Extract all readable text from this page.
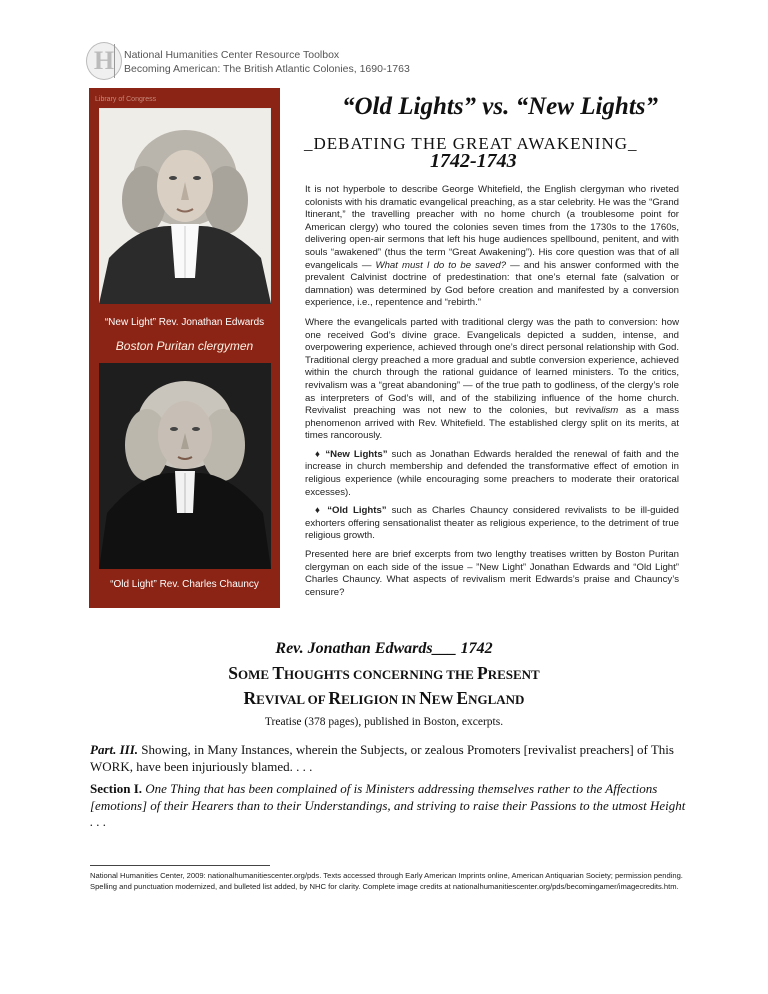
H National Humanities Center Resource Toolbox
Becoming American: The British Atlantic Colonies, 1690-1763
Library of Congress
“New Light” Rev. Jonathan Edwards
Boston Puritan clergymen
“Old Light” Rev. Charles Chauncy
“Old Lights” vs. “New Lights”
_DEBATING THE GREAT AWAKENING_
1742-1743

It is not hyperbole to describe George Whitefield, the English clergyman who riveted colonists with his dramatic evangelical preaching, as a star celebrity. He was the “Grand Itinerant,” the travelling preacher with no home church (a troublesome point for American clergy) who toured the colonies seven times from the 1730s to the 1760s, delivering open-air sermons that left his huge audiences spellbound, penitent, and with souls “awakened” (thus the term “Great Awakening”). His core question was that of all evangelicals — What must I do to be saved? — and his answer conformed with the prevalent Calvinist doctrine of predestination: that one’s eternal fate (salvation or damnation) was determined by God before creation and manifested by a conversion experience, i.e., repentence and “rebirth.”

Where the evangelicals parted with traditional clergy was the path to conversion: how one received God’s divine grace. Evangelicals depicted a sudden, intense, and overpowering experience, achieved through one’s direct personal relationship with God. Traditional clergy preached a more gradual and subtle conversion experience, achieved within the church through the rational guidance of learned ministers. To the critics, revivalism was a “great abandoning” — of the true path to godliness, of the clergy’s role as interpreters of God’s will, and of the stabilizing influence of the home church. Revivalist preaching was not new to the colonies, but revivalism as a mass phenomenon arrived with Rev. Whitefield. The established clergy split on its merits, at times rancorously.

♦ “New Lights” such as Jonathan Edwards heralded the renewal of faith and the increase in church membership and defended the transformative effect of emotion in religious experience (while encouraging some preachers to moderate their oratorical excesses).

♦ “Old Lights” such as Charles Chauncy considered revivalists to be ill-guided exhorters offering sensationalist theater as religious experience, to the detriment of true religious growth.

Presented here are brief excerpts from two lengthy treatises written by Boston Puritan clergyman on each side of the issue – ”New Light” Jonathan Edwards and “Old Light” Charles Chauncy. What aspects of revivalism merit Edwards’s praise and Chauncy’s censure?

Rev. Jonathan Edwards___ 1742
SOME THOUGHTS CONCERNING THE PRESENT
REVIVAL OF RELIGION IN NEW ENGLAND
Treatise (378 pages), published in Boston, excerpts.
Part. III. Showing, in Many Instances, wherein the Subjects, or zealous Promoters [revivalist preachers] of This WORK, have been injuriously blamed. . . .
Section I. One Thing that has been complained of is Ministers addressing themselves rather to the Affections [emotions] of their Hearers than to their Understandings, and striving to raise their Passions to the utmost Height . . .
National Humanities Center, 2009: nationalhumanitiescenter.org/pds. Texts accessed through Early American Imprints online, American Antiquarian Society; permission pending. Spelling and punctuation modernized, and bulleted list added, by NHC for clarity. Complete image credits at nationalhumanitiescenter.org/pds/becomingamer/imagecredits.htm.
